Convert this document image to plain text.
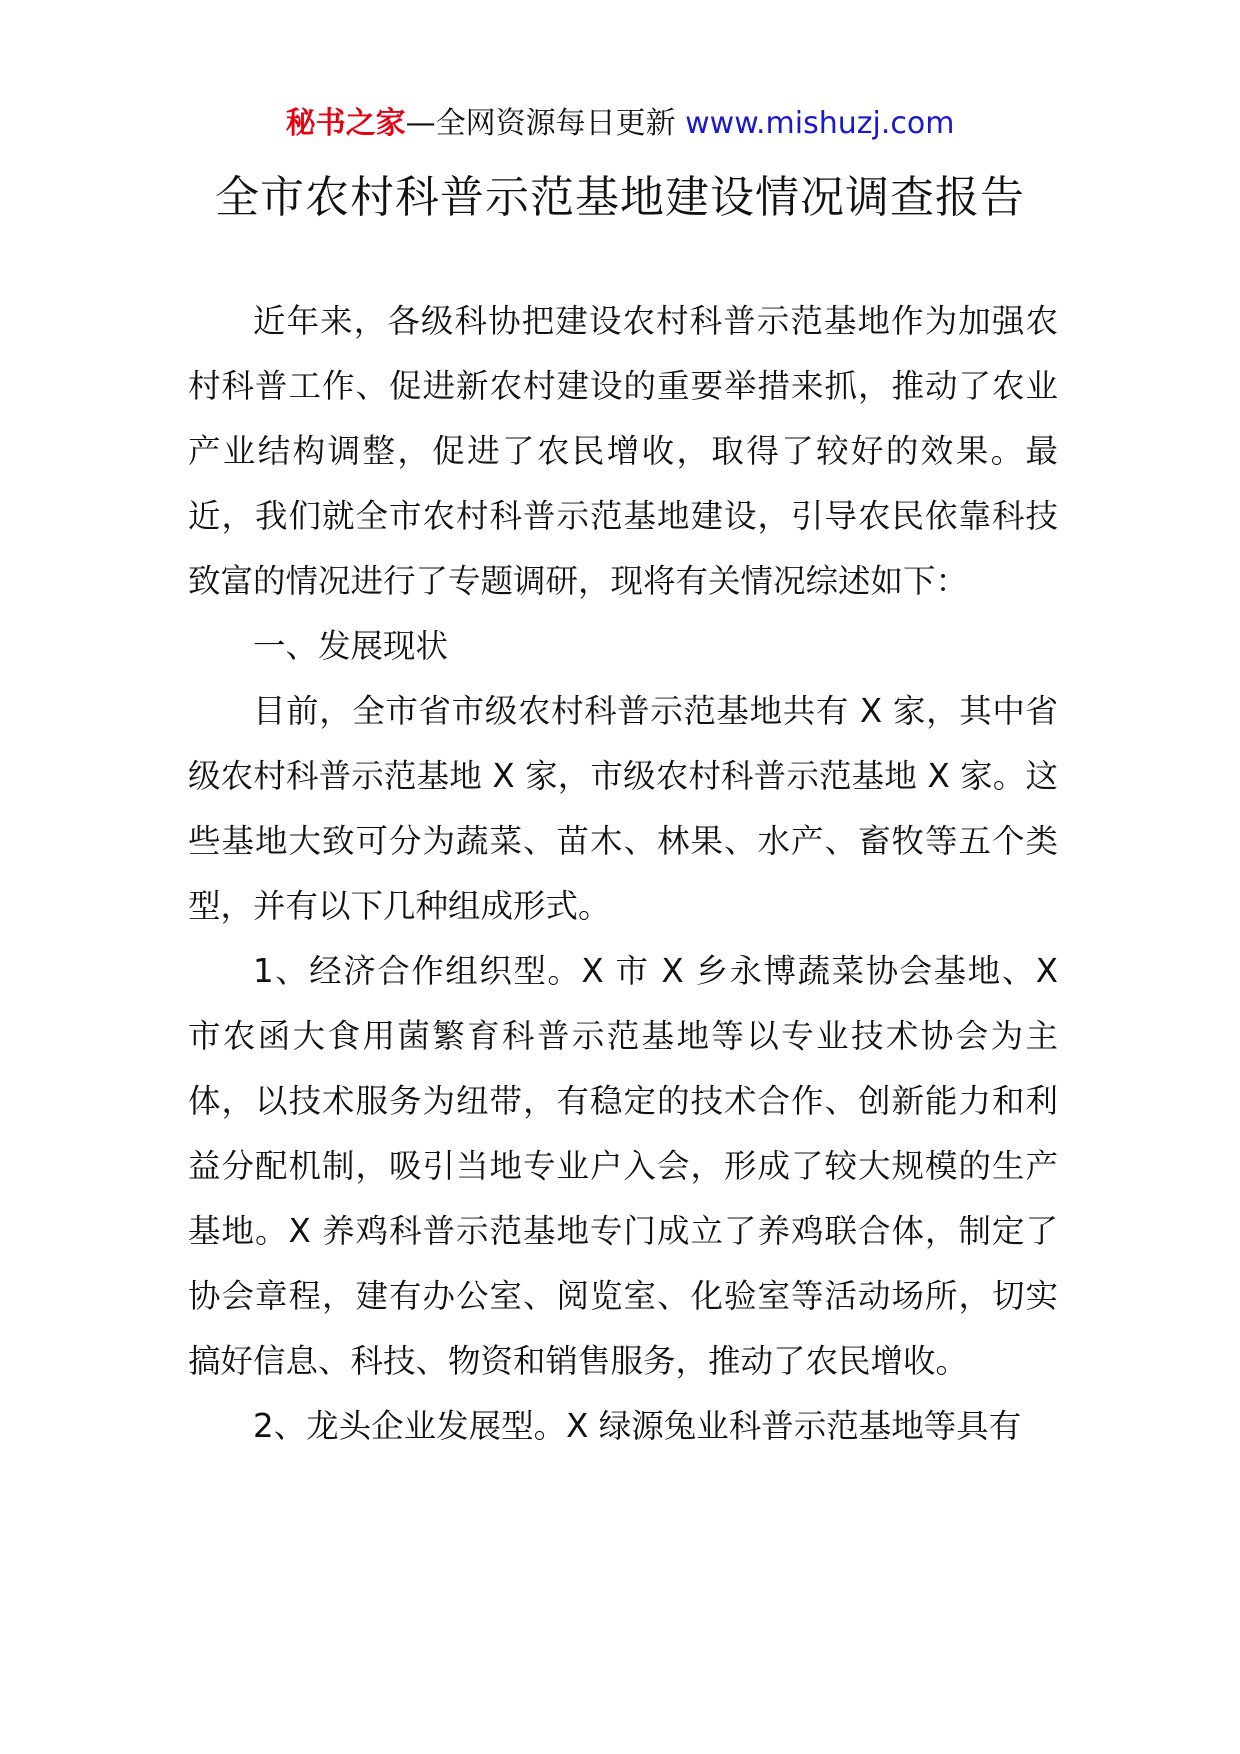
秘书之家—全网资源每日更新 www.mishuzj.com
全市农村科普示范基地建设情况调查报告

近年来，各级科协把建设农村科普示范基地作为加强农村科普工作、促进新农村建设的重要举措来抓，推动了农业产业结构调整，促进了农民增收，取得了较好的效果。最近，我们就全市农村科普示范基地建设，引导农民依靠科技致富的情况进行了专题调研，现将有关情况综述如下：

一、发展现状

目前，全市省市级农村科普示范基地共有 X 家，其中省级农村科普示范基地 X 家，市级农村科普示范基地 X 家。这些基地大致可分为蔬菜、苗木、林果、水产、畜牧等五个类型，并有以下几种组成形式。

1、经济合作组织型。X 市 X 乡永博蔬菜协会基地、X 市农函大食用菌繁育科普示范基地等以专业技术协会为主体，以技术服务为纽带，有稳定的技术合作、创新能力和利益分配机制，吸引当地专业户入会，形成了较大规模的生产基地。X 养鸡科普示范基地专门成立了养鸡联合体，制定了协会章程，建有办公室、阅览室、化验室等活动场所，切实搞好信息、科技、物资和销售服务，推动了农民增收。

2、龙头企业发展型。X 绿源兔业科普示范基地等具有
